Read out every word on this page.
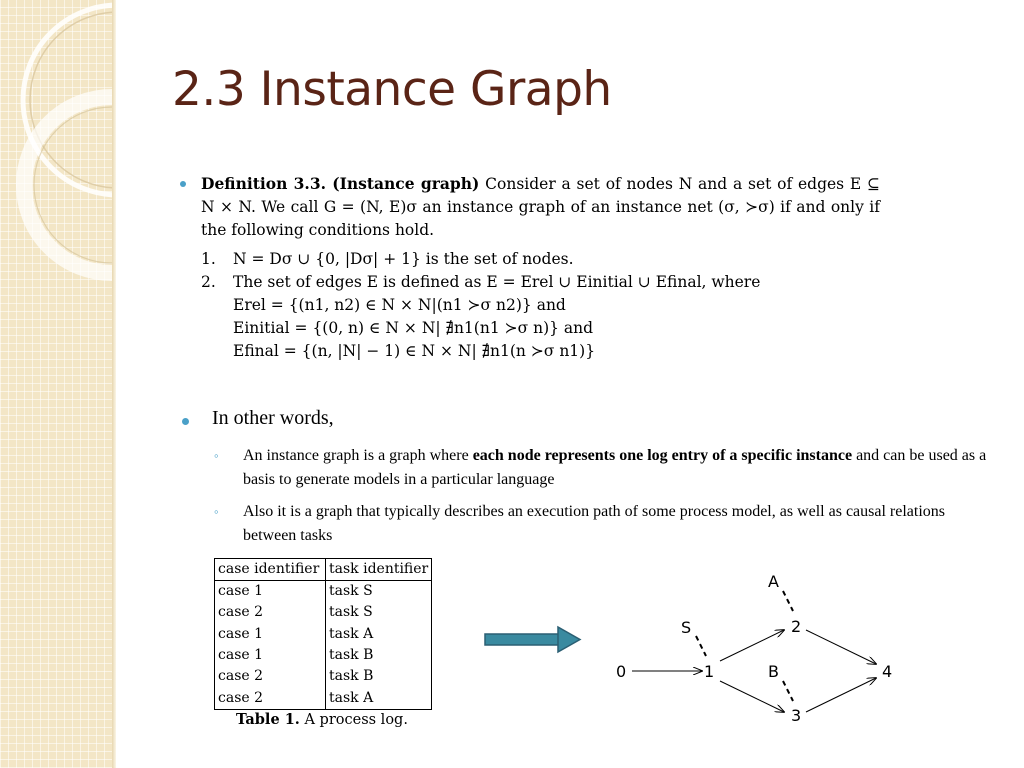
2.3 Instance Graph
Definition 3.3. (Instance graph) Consider a set of nodes N and a set of edges E ⊆ N × N. We call G = (N, E)σ an instance graph of an instance net (σ, ≻σ) if and only if the following conditions hold.
1. N = Dσ ∪ {0, |Dσ| + 1} is the set of nodes.
2. The set of edges E is defined as E = Erel ∪ Einitial ∪ Efinal, where
Erel = {(n1, n2) ∈ N × N|(n1 ≻σ n2)} and
Einitial = {(0, n) ∈ N × N| ∄n1(n1 ≻σ n)} and
Efinal = {(n, |N| − 1) ∈ N × N| ∄n1(n ≻σ n1)}
In other words,
◦ An instance graph is a graph where each node represents one log entry of a specific instance and can be used as a basis to generate models in a particular language
◦ Also it is a graph that typically describes an execution path of some process model, as well as causal relations between tasks
case identifier	task identifier
case 1	task S
case 2	task S
case 1	task A
case 1	task B
case 2	task B
case 2	task A
Table 1. A process log.
0	1
2
3
4
S
A
B
